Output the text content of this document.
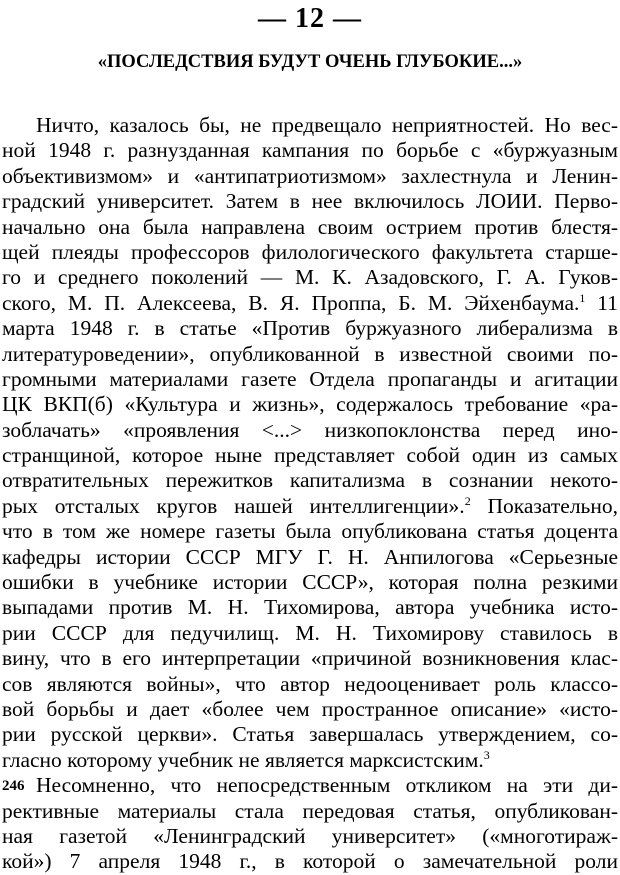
— 12 —
«ПОСЛЕДСТВИЯ БУДУТ ОЧЕНЬ ГЛУБОКИЕ...»
Ничто, казалось бы, не предвещало неприятностей. Но вес-
ной 1948 г. разнузданная кампания по борьбе с «буржуазным
объективизмом» и «антипатриотизмом» захлестнула и Ленин-
градский университет. Затем в нее включилось ЛОИИ. Перво-
начально она была направлена своим острием против блестя-
щей плеяды профессоров филологического факультета старше-
го и среднего поколений — М. К. Азадовского, Г. А. Гуков-
ского, М. П. Алексеева, В. Я. Проппа, Б. М. Эйхенбаума.$^1$ 11
марта 1948 г. в статье «Против буржуазного либерализма в
литературоведении», опубликованной в известной своими по-
громными материалами газете Отдела пропаганды и агитации
ЦК ВКП(б) «Культура и жизнь», содержалось требование «ра-
зоблачать» «проявления <...> низкопоклонства перед ино-
странщиной, которое ныне представляет собой один из самых
отвратительных пережитков капитализма в сознании некото-
рых отсталых кругов нашей интеллигенции».$^2$ Показательно,
что в том же номере газеты была опубликована статья доцента
кафедры истории СССР МГУ Г. Н. Анпилогова «Серьезные
ошибки в учебнике истории СССР», которая полна резкими
выпадами против М. Н. Тихомирова, автора учебника исто-
рии СССР для педучилищ. М. Н. Тихомирову ставилось в
вину, что в его интерпретации «причиной возникновения клас-
сов являются войны», что автор недооценивает роль классо-
вой борьбы и дает «более чем пространное описание» «исто-
рии русской церкви». Статья завершалась утверждением, со-
гласно которому учебник не является марксистским.$^3$
Несомненно, что непосредственным откликом на эти ди-
рективные материалы стала передовая статья, опубликован-
ная газетой «Ленинградский университет» («многотираж-
кой») 7 апреля 1948 г., в которой о замечательной роли
246
